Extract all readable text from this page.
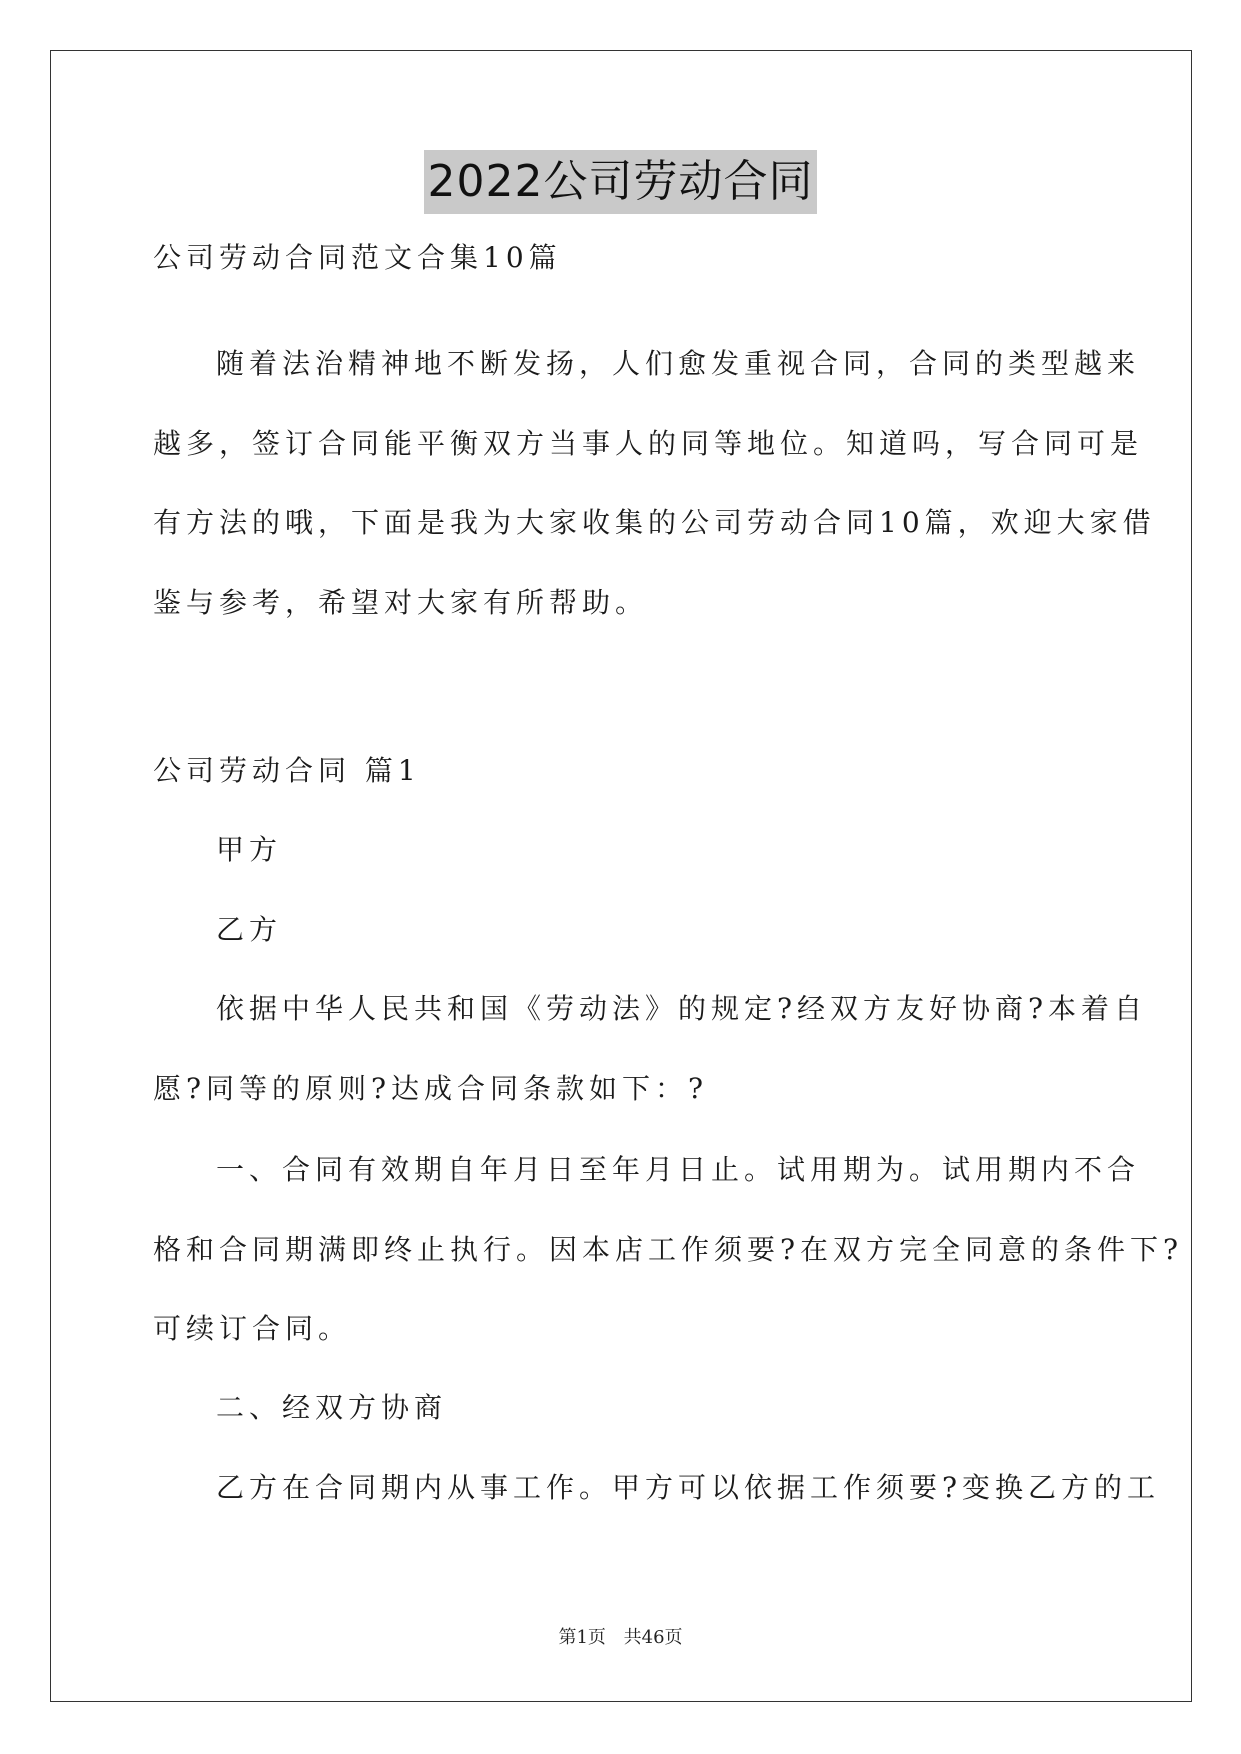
2022公司劳动合同
公司劳动合同范文合集10篇
随着法治精神地不断发扬，人们愈发重视合同，合同的类型越来
越多，签订合同能平衡双方当事人的同等地位。知道吗，写合同可是
有方法的哦，下面是我为大家收集的公司劳动合同10篇，欢迎大家借
鉴与参考，希望对大家有所帮助。
公司劳动合同 篇1
甲方
乙方
依据中华人民共和国《劳动法》的规定?经双方友好协商?本着自
愿?同等的原则?达成合同条款如下：?
一、合同有效期自年月日至年月日止。试用期为。试用期内不合
格和合同期满即终止执行。因本店工作须要?在双方完全同意的条件下?
可续订合同。
二、经双方协商
乙方在合同期内从事工作。甲方可以依据工作须要?变换乙方的工
第1页 共46页
